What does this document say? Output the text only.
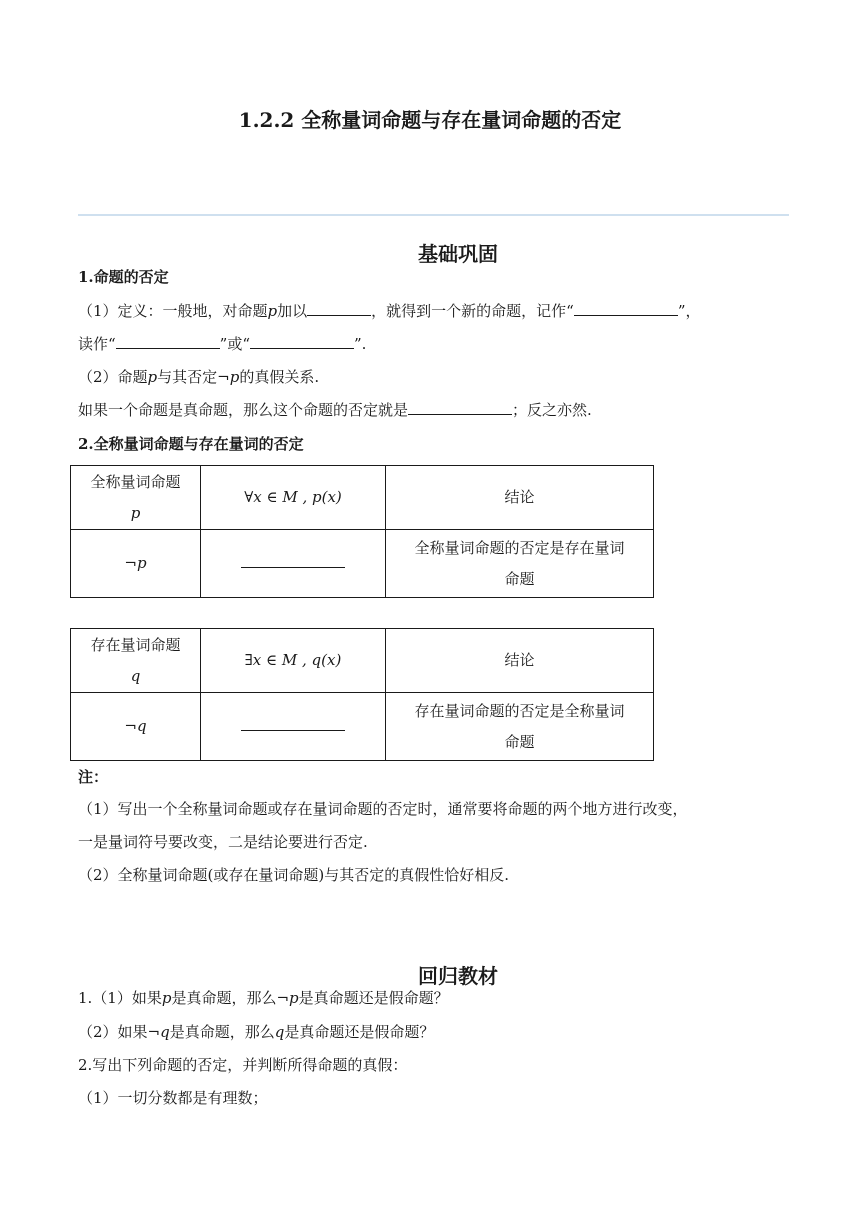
1.2.2 全称量词命题与存在量词命题的否定
基础巩固
1.命题的否定
（1）定义：一般地，对命题p加以	，就得到一个新的命题，记作“	”，
读作“	”或“	”.
（2）命题p与其否定¬p的真假关系.
如果一个命题是真命题，那么这个命题的否定就是	；反之亦然.
2.全称量词命题与存在量词的否定
全称量词命题
p	∀x ∈ M , p(x)	结论
¬p		全称量词命题的否定是存在量词
命题
存在量词命题
q	∃x ∈ M , q(x)	结论
¬q		存在量词命题的否定是全称量词
命题
注：
（1）写出一个全称量词命题或存在量词命题的否定时，通常要将命题的两个地方进行改变，
一是量词符号要改变，二是结论要进行否定.
（2）全称量词命题(或存在量词命题)与其否定的真假性恰好相反.
回归教材
1.（1）如果p是真命题，那么¬p是真命题还是假命题？
（2）如果¬q是真命题，那么q是真命题还是假命题？
2.写出下列命题的否定，并判断所得命题的真假：
（1）一切分数都是有理数；
